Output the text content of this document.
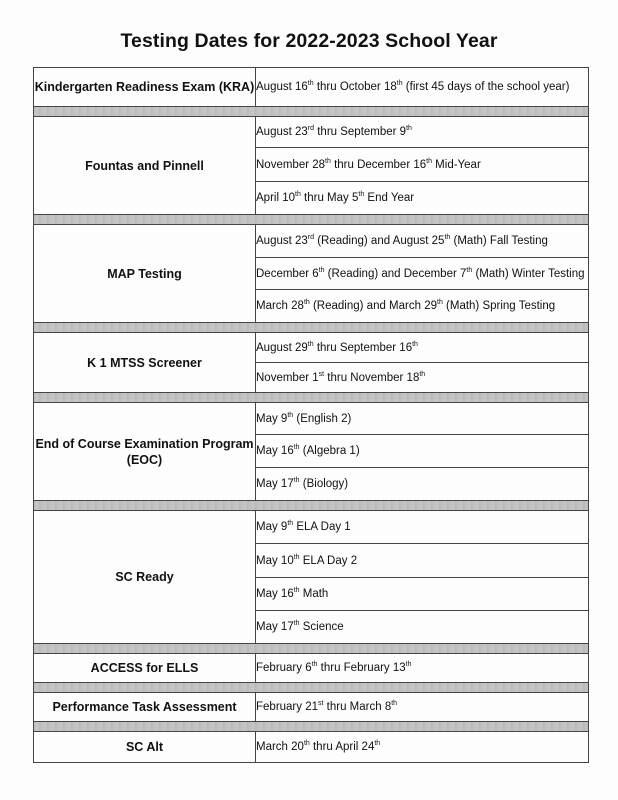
Testing Dates for 2022-2023 School Year
Kindergarten Readiness Exam (KRA)	August 16th thru October 18th (first 45 days of the school year)

Fountas and Pinnell	August 23rd thru September 9th
	November 28th thru December 16th Mid-Year
	April 10th thru May 5th End Year

MAP Testing	August 23rd (Reading) and August 25th (Math) Fall Testing
	December 6th (Reading) and December 7th (Math) Winter Testing
	March 28th (Reading) and March 29th (Math) Spring Testing

K 1 MTSS Screener	August 29th thru September 16th
	November 1st thru November 18th

End of Course Examination Program (EOC)	May 9th (English 2)
	May 16th (Algebra 1)
	May 17th (Biology)

SC Ready	May 9th ELA Day 1
	May 10th ELA Day 2
	May 16th Math
	May 17th Science

ACCESS for ELLS	February 6th thru February 13th

Performance Task Assessment	February 21st thru March 8th

SC Alt	March 20th thru April 24th
